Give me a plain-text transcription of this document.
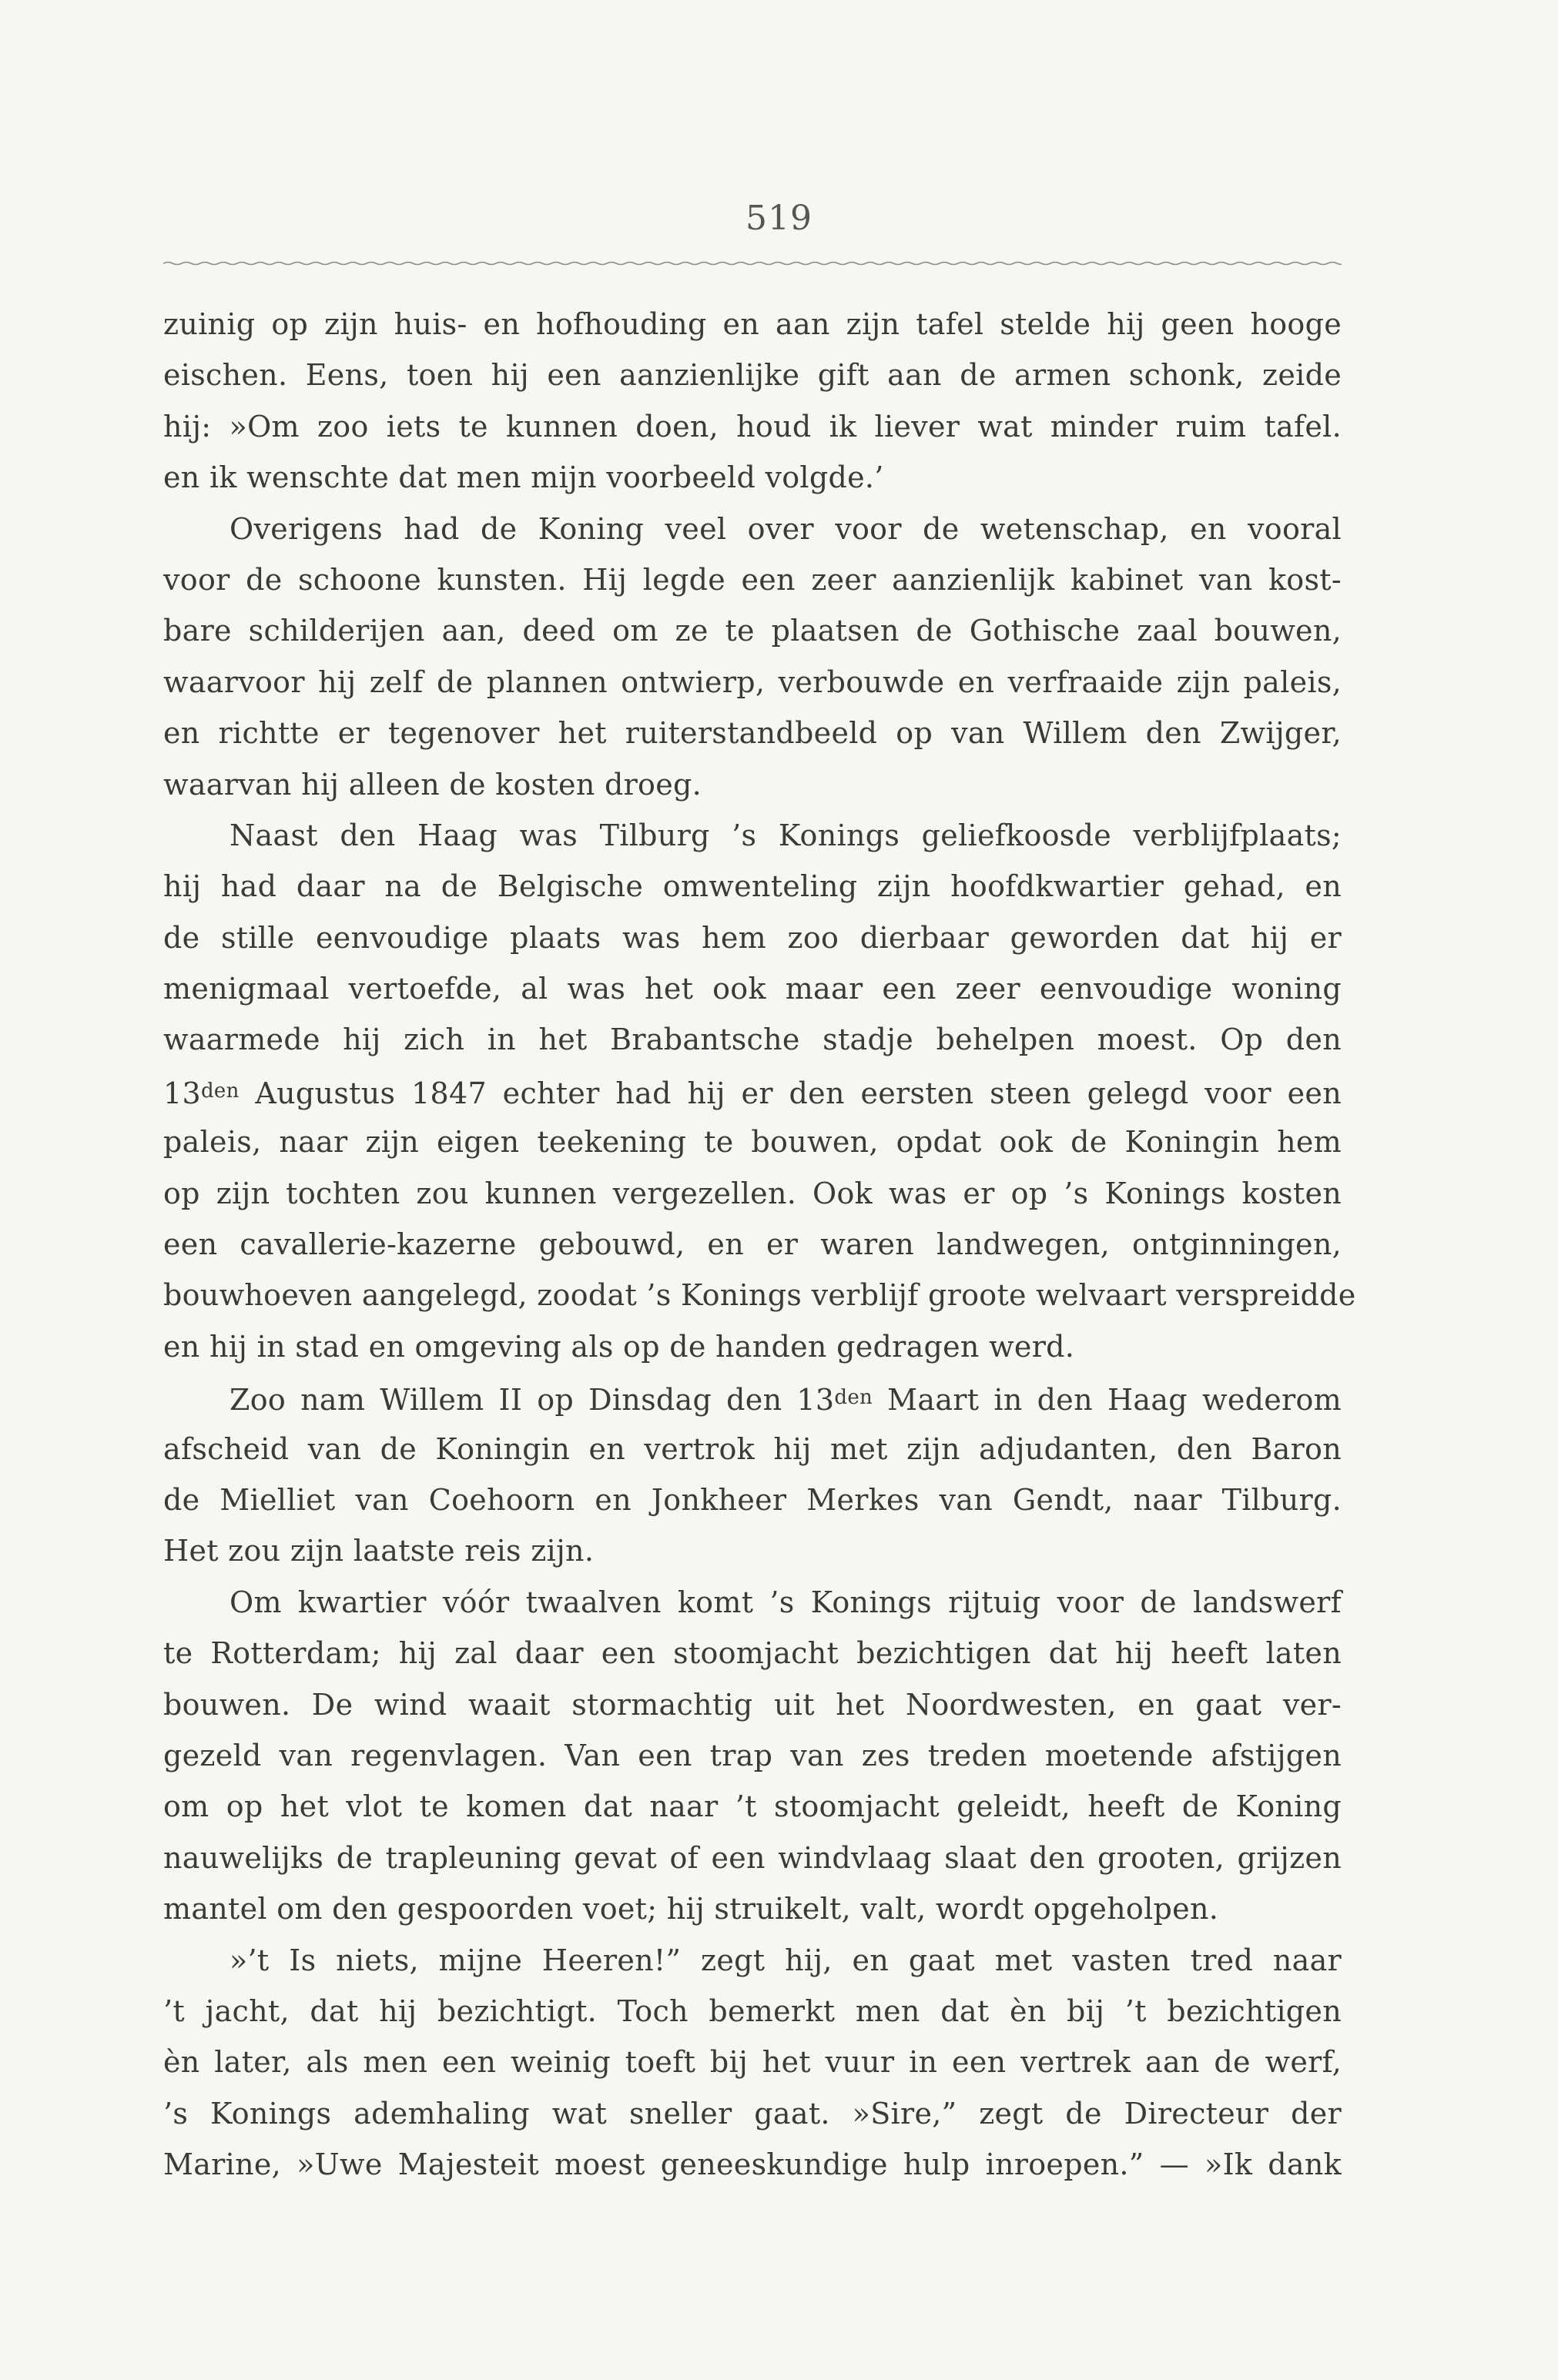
519
zuinig op zijn huis- en hofhouding en aan zijn tafel stelde hij geen hooge
eischen. Eens, toen hij een aanzienlijke gift aan de armen schonk, zeide
hij: »Om zoo iets te kunnen doen, houd ik liever wat minder ruim tafel.
en ik wenschte dat men mijn voorbeeld volgde.’
Overigens had de Koning veel over voor de wetenschap, en vooral
voor de schoone kunsten. Hij legde een zeer aanzienlijk kabinet van kost-
bare schilderijen aan, deed om ze te plaatsen de Gothische zaal bouwen,
waarvoor hij zelf de plannen ontwierp, verbouwde en verfraaide zijn paleis,
en richtte er tegenover het ruiterstandbeeld op van Willem den Zwijger,
waarvan hij alleen de kosten droeg.
Naast den Haag was Tilburg ’s Konings geliefkoosde verblijfplaats;
hij had daar na de Belgische omwenteling zijn hoofdkwartier gehad, en
de stille eenvoudige plaats was hem zoo dierbaar geworden dat hij er
menigmaal vertoefde, al was het ook maar een zeer eenvoudige woning
waarmede hij zich in het Brabantsche stadje behelpen moest. Op den
$13^{den}$ Augustus 1847 echter had hij er den eersten steen gelegd voor een
paleis, naar zijn eigen teekening te bouwen, opdat ook de Koningin hem
op zijn tochten zou kunnen vergezellen. Ook was er op ’s Konings kosten
een cavallerie-kazerne gebouwd, en er waren landwegen, ontginningen,
bouwhoeven aangelegd, zoodat ’s Konings verblijf groote welvaart verspreidde
en hij in stad en omgeving als op de handen gedragen werd.
Zoo nam Willem II op Dinsdag den $13^{den}$ Maart in den Haag wederom
afscheid van de Koningin en vertrok hij met zijn adjudanten, den Baron
de Mielliet van Coehoorn en Jonkheer Merkes van Gendt, naar Tilburg.
Het zou zijn laatste reis zijn.
Om kwartier vóór twaalven komt ’s Konings rijtuig voor de landswerf
te Rotterdam; hij zal daar een stoomjacht bezichtigen dat hij heeft laten
bouwen. De wind waait stormachtig uit het Noordwesten, en gaat ver-
gezeld van regenvlagen. Van een trap van zes treden moetende afstijgen
om op het vlot te komen dat naar ’t stoomjacht geleidt, heeft de Koning
nauwelijks de trapleuning gevat of een windvlaag slaat den grooten, grijzen
mantel om den gespoorden voet; hij struikelt, valt, wordt opgeholpen.
»’t Is niets, mijne Heeren!” zegt hij, en gaat met vasten tred naar
’t jacht, dat hij bezichtigt. Toch bemerkt men dat èn bij ’t bezichtigen
èn later, als men een weinig toeft bij het vuur in een vertrek aan de werf,
’s Konings ademhaling wat sneller gaat. »Sire,” zegt de Directeur der
Marine, »Uwe Majesteit moest geneeskundige hulp inroepen.” — »Ik dank
